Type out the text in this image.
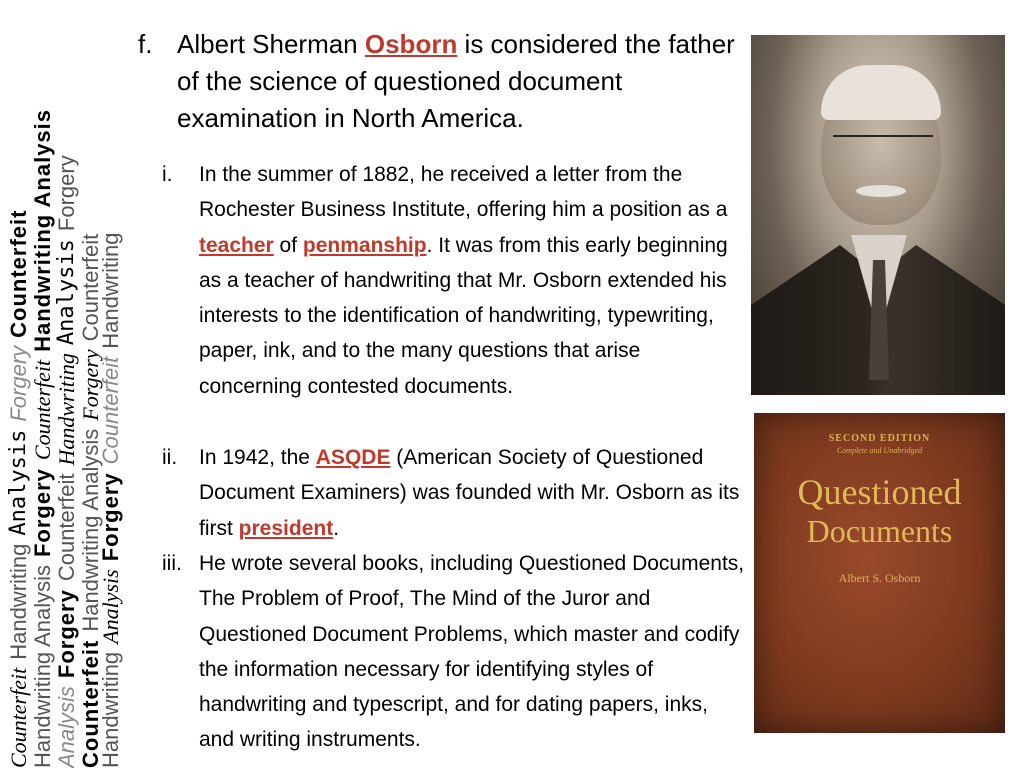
Counterfeit
Handwriting
Analysis
Forgery
Counterfeit
Handwriting Analysis
Forgery
Counterfeit
Handwriting Analysis
Analysis
Forgery
Counterfeit
Handwriting
Analysis
Forgery
Counterfeit
Handwriting Analysis
Forgery
Counterfeit
Handwriting
Analysis
Forgery
Counterfeit
Handwriting
f. Albert Sherman Osborn is considered the father of the science of questioned document examination in North America.
i. In the summer of 1882, he received a letter from the Rochester Business Institute, offering him a position as a teacher of penmanship. It was from this early beginning as a teacher of handwriting that Mr. Osborn extended his interests to the identification of handwriting, typewriting, paper, ink, and to the many questions that arise concerning contested documents.
ii. In 1942, the ASQDE (American Society of Questioned Document Examiners) was founded with Mr. Osborn as its first president.
iii. He wrote several books, including Questioned Documents, The Problem of Proof, The Mind of the Juror and Questioned Document Problems, which master and codify the information necessary for identifying styles of handwriting and typescript, and for dating papers, inks, and writing instruments.
SECOND EDITION
Complete and Unabridged
Questioned
Documents
Albert S. Osborn
